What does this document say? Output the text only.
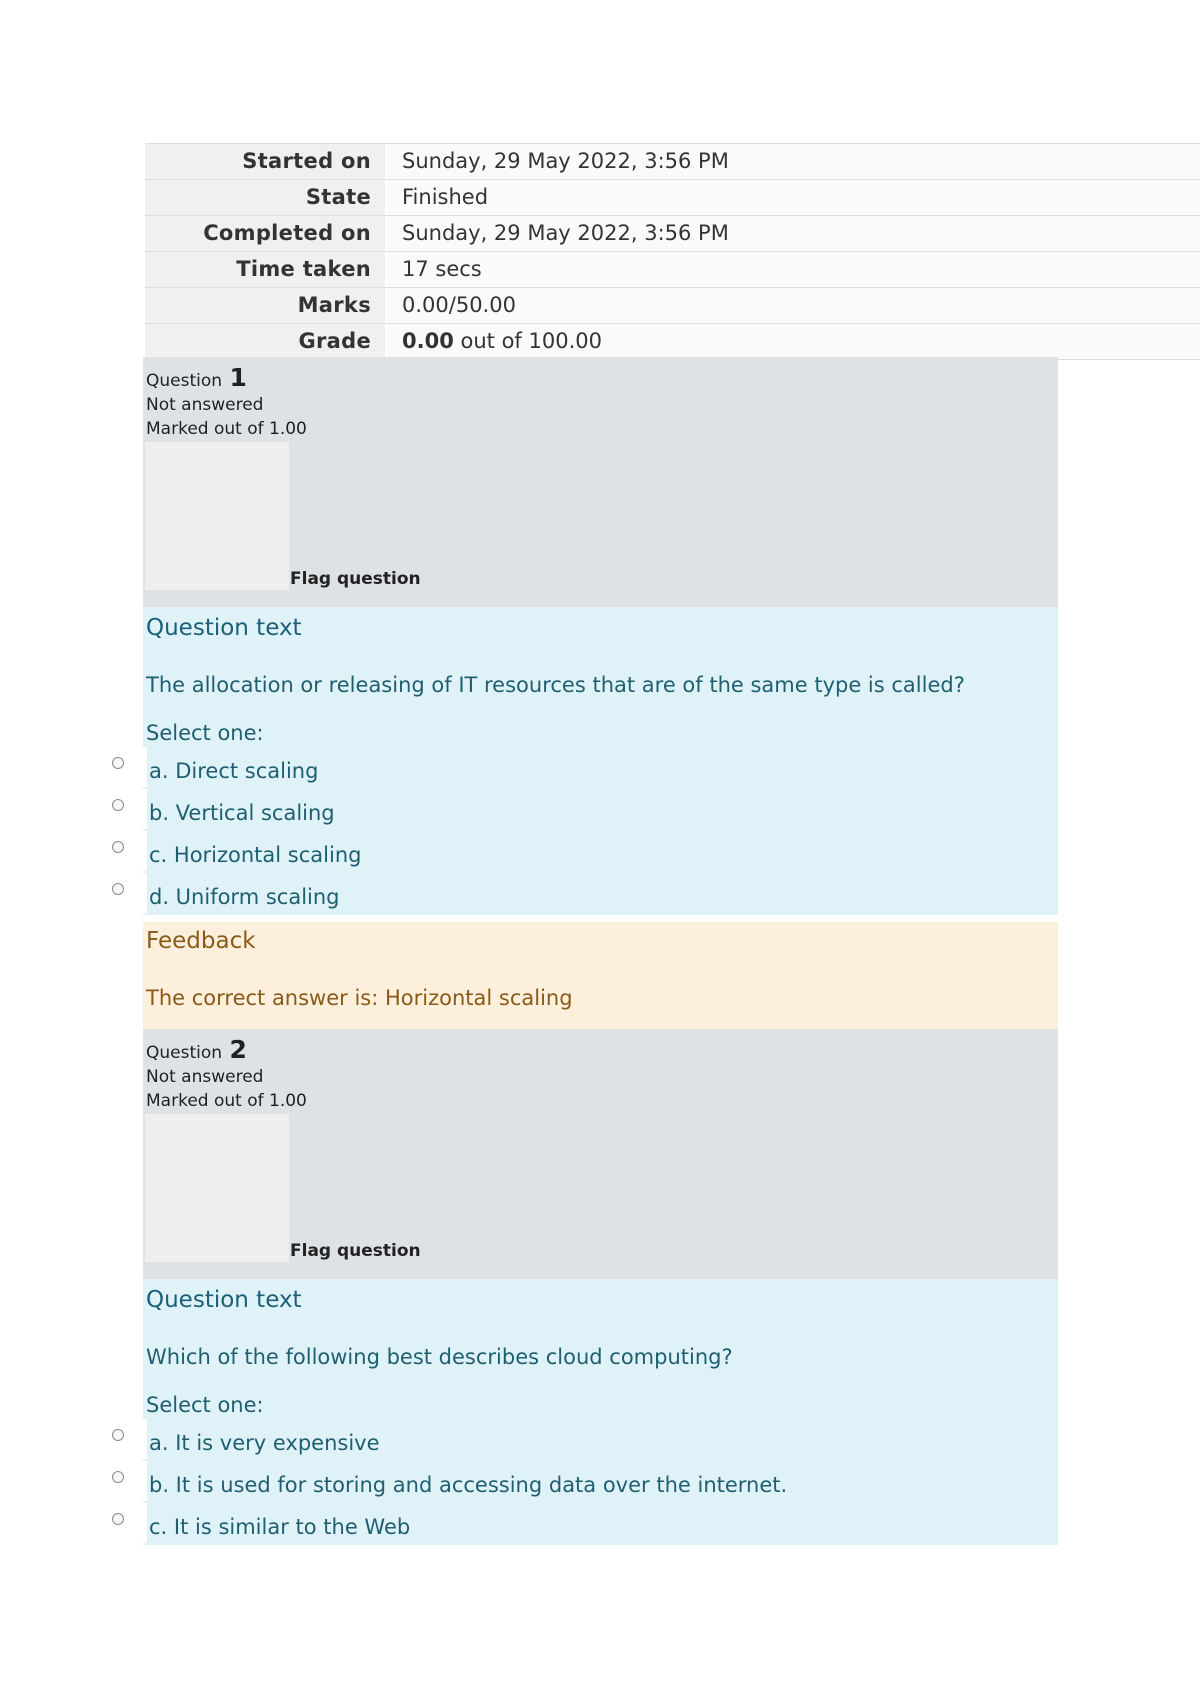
Started on	Sunday, 29 May 2022, 3:56 PM
State	Finished
Completed on	Sunday, 29 May 2022, 3:56 PM
Time taken	17 secs
Marks	0.00/50.00
Grade	0.00 out of 100.00
Question 1
Not answered
Marked out of 1.00
Flag question
Question text
The allocation or releasing of IT resources that are of the same type is called?
Select one:
a. Direct scaling
b. Vertical scaling
c. Horizontal scaling
d. Uniform scaling
Feedback
The correct answer is: Horizontal scaling
Question 2
Not answered
Marked out of 1.00
Flag question
Question text
Which of the following best describes cloud computing?
Select one:
a. It is very expensive
b. It is used for storing and accessing data over the internet.
c. It is similar to the Web
